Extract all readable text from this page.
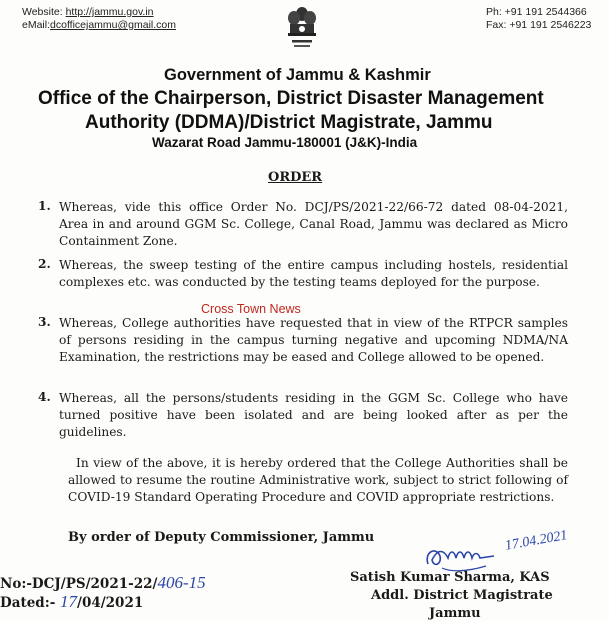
Website: http://jammu.gov.in
eMail:dcofficejammu@gmail.com
Ph: +91 191 2544366
Fax: +91 191 2546223
Government of Jammu & Kashmir
Office of the Chairperson, District Disaster Management
Authority (DDMA)/District Magistrate, Jammu
Wazarat Road Jammu-180001 (J&K)-India
ORDER
1. Whereas, vide this office Order No. DCJ/PS/2021-22/66-72 dated 08-04-2021, Area in and around GGM Sc. College, Canal Road, Jammu was declared as Micro Containment Zone.
2. Whereas, the sweep testing of the entire campus including hostels, residential complexes etc. was conducted by the testing teams deployed for the purpose.
3. Whereas, College authorities have requested that in view of the RTPCR samples of persons residing in the campus turning negative and upcoming NDMA/NA Examination, the restrictions may be eased and College allowed to be opened.
4. Whereas, all the persons/students residing in the GGM Sc. College who have turned positive have been isolated and are being looked after as per the guidelines.
In view of the above, it is hereby ordered that the College Authorities shall be allowed to resume the routine Administrative work, subject to strict following of COVID-19 Standard Operating Procedure and COVID appropriate restrictions.
By order of Deputy Commissioner, Jammu
Cross Town News
No:-DCJ/PS/2021-22/406-15
Dated:- 17/04/2021
17.04.2021
Satish Kumar Sharma, KAS
Addl. District Magistrate
Jammu
